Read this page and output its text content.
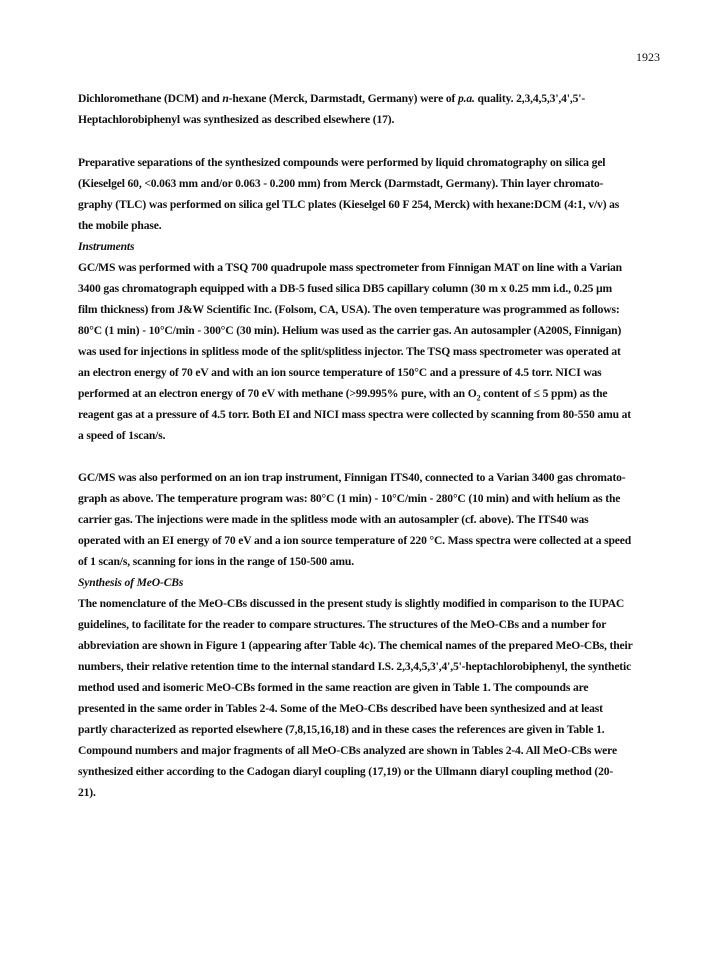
1923

Dichloromethane (DCM) and n-hexane (Merck, Darmstadt, Germany) were of p.a. quality. 2,3,4,5,3',4',5'-
Heptachlorobiphenyl was synthesized as described elsewhere (17).

Preparative separations of the synthesized compounds were performed by liquid chromatography on silica gel
(Kieselgel 60, <0.063 mm and/or 0.063 - 0.200 mm) from Merck (Darmstadt, Germany). Thin layer chromato-
graphy (TLC) was performed on silica gel TLC plates (Kieselgel 60 F 254, Merck) with hexane:DCM (4:1, v/v) as
the mobile phase.

Instruments

GC/MS was performed with a TSQ 700 quadrupole mass spectrometer from Finnigan MAT on line with a Varian
3400 gas chromatograph equipped with a DB-5 fused silica DB5 capillary column (30 m x 0.25 mm i.d., 0.25 µm
film thickness) from J&W Scientific Inc. (Folsom, CA, USA). The oven temperature was programmed as follows:
80°C (1 min) - 10°C/min - 300°C (30 min). Helium was used as the carrier gas. An autosampler (A200S, Finnigan)
was used for injections in splitless mode of the split/splitless injector. The TSQ mass spectrometer was operated at
an electron energy of 70 eV and with an ion source temperature of 150°C and a pressure of 4.5 torr. NICI was
performed at an electron energy of 70 eV with methane (>99.995% pure, with an $O_2$ content of ≤ 5 ppm) as the
reagent gas at a pressure of 4.5 torr. Both EI and NICI mass spectra were collected by scanning from 80-550 amu at
a speed of 1scan/s.

GC/MS was also performed on an ion trap instrument, Finnigan ITS40, connected to a Varian 3400 gas chromato-
graph as above. The temperature program was: 80°C (1 min) - 10°C/min - 280°C (10 min) and with helium as the
carrier gas. The injections were made in the splitless mode with an autosampler (cf. above). The ITS40 was
operated with an EI energy of 70 eV and a ion source temperature of 220 °C. Mass spectra were collected at a speed
of 1 scan/s, scanning for ions in the range of 150-500 amu.

Synthesis of MeO-CBs

The nomenclature of the MeO-CBs discussed in the present study is slightly modified in comparison to the IUPAC
guidelines, to facilitate for the reader to compare structures. The structures of the MeO-CBs and a number for
abbreviation are shown in Figure 1 (appearing after Table 4c). The chemical names of the prepared MeO-CBs, their
numbers, their relative retention time to the internal standard I.S. 2,3,4,5,3',4',5'-heptachlorobiphenyl, the synthetic
method used and isomeric MeO-CBs formed in the same reaction are given in Table 1. The compounds are
presented in the same order in Tables 2-4. Some of the MeO-CBs described have been synthesized and at least
partly characterized as reported elsewhere (7,8,15,16,18) and in these cases the references are given in Table 1.
Compound numbers and major fragments of all MeO-CBs analyzed are shown in Tables 2-4. All MeO-CBs were
synthesized either according to the Cadogan diaryl coupling (17,19) or the Ullmann diaryl coupling method (20-
21).
